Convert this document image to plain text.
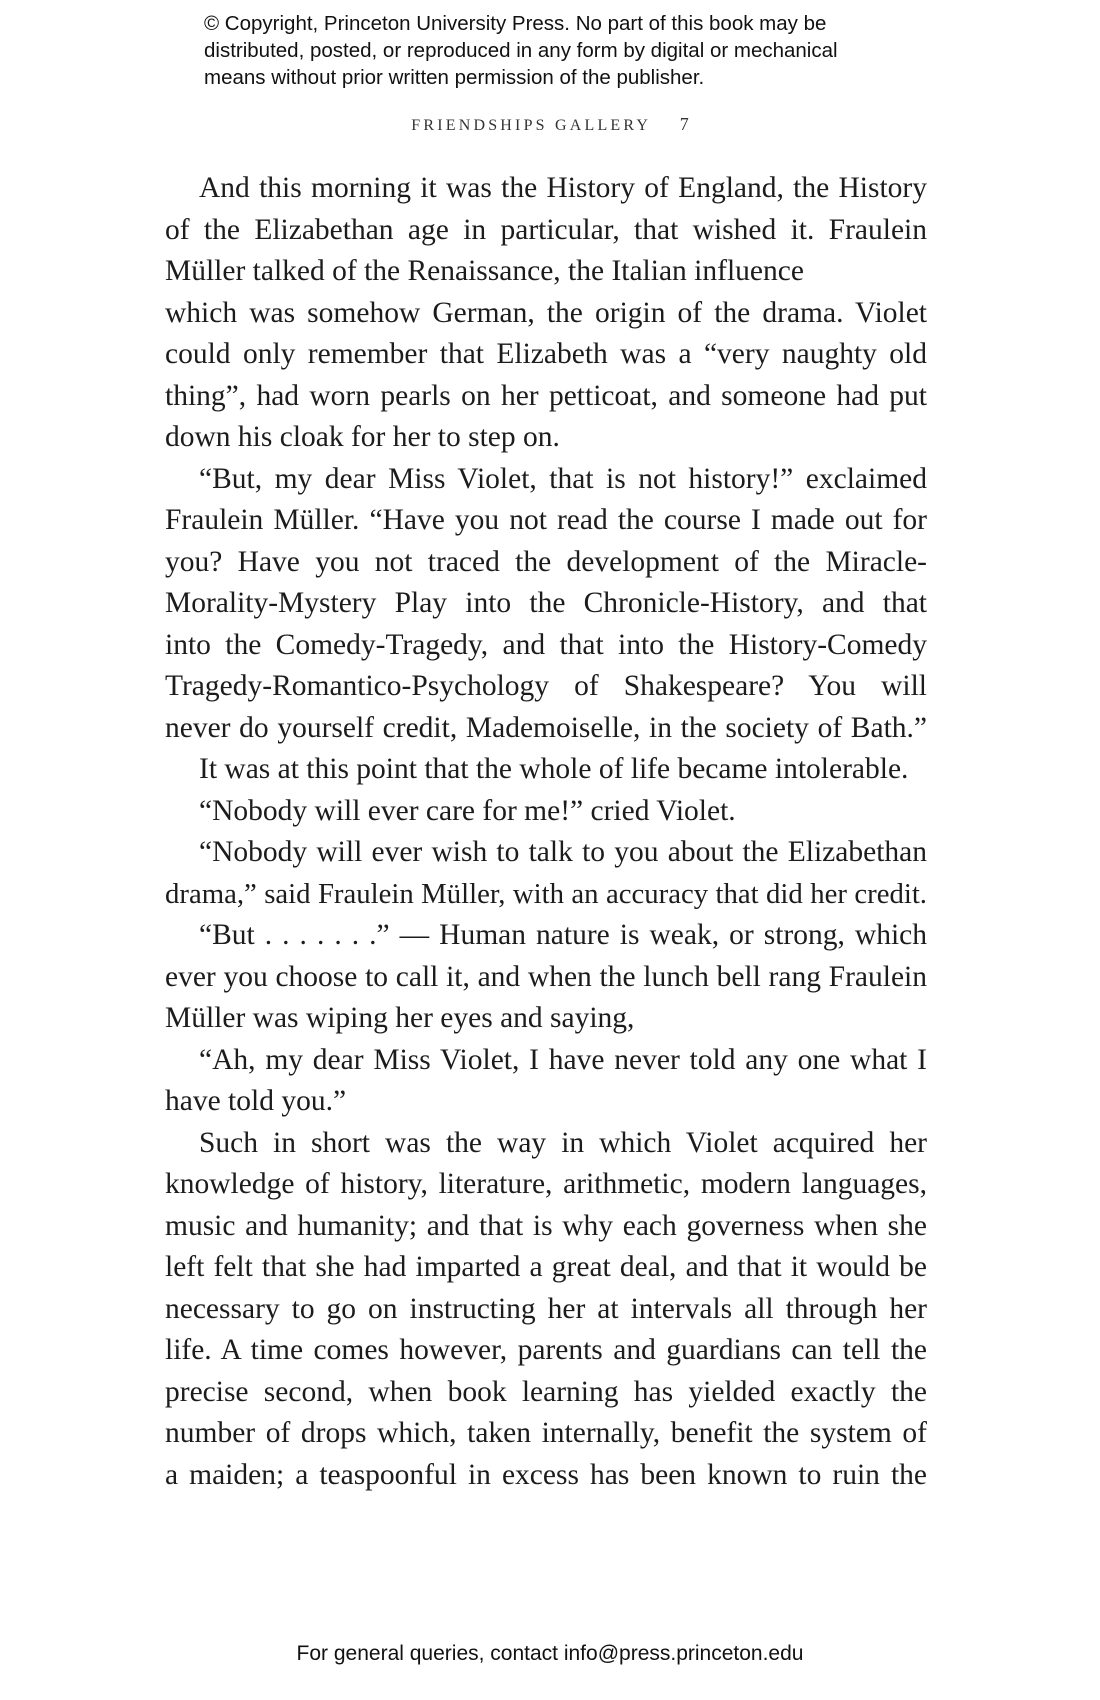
© Copyright, Princeton University Press. No part of this book may be
distributed, posted, or reproduced in any form by digital or mechanical
means without prior written permission of the publisher.
FRIENDSHIPS GALLERY 7
And this morning it was the History of England, the History
of the Elizabethan age in particular, that wished it. Fraulein
Müller talked of the Renaissance, the Italian influence
which was somehow German, the origin of the drama. Violet
could only remember that Elizabeth was a “very naughty old
thing”, had worn pearls on her petticoat, and someone had put
down his cloak for her to step on.
“But, my dear Miss Violet, that is not history!” exclaimed
Fraulein Müller. “Have you not read the course I made out for
you? Have you not traced the development of the Miracle-
Morality-Mystery Play into the Chronicle-History, and that
into the Comedy-Tragedy, and that into the History-Comedy
Tragedy-Romantico-Psychology of Shakespeare? You will
never do yourself credit, Mademoiselle, in the society of Bath.”
It was at this point that the whole of life became intolerable.
“Nobody will ever care for me!” cried Violet.
“Nobody will ever wish to talk to you about the Elizabethan
drama,” said Fraulein Müller, with an accuracy that did her credit.
“But . . . . . . .” — Human nature is weak, or strong, which
ever you choose to call it, and when the lunch bell rang Fraulein
Müller was wiping her eyes and saying,
“Ah, my dear Miss Violet, I have never told any one what I
have told you.”
Such in short was the way in which Violet acquired her
knowledge of history, literature, arithmetic, modern languages,
music and humanity; and that is why each governess when she
left felt that she had imparted a great deal, and that it would be
necessary to go on instructing her at intervals all through her
life. A time comes however, parents and guardians can tell the
precise second, when book learning has yielded exactly the
number of drops which, taken internally, benefit the system of
a maiden; a teaspoonful in excess has been known to ruin the
For general queries, contact info@press.princeton.edu
